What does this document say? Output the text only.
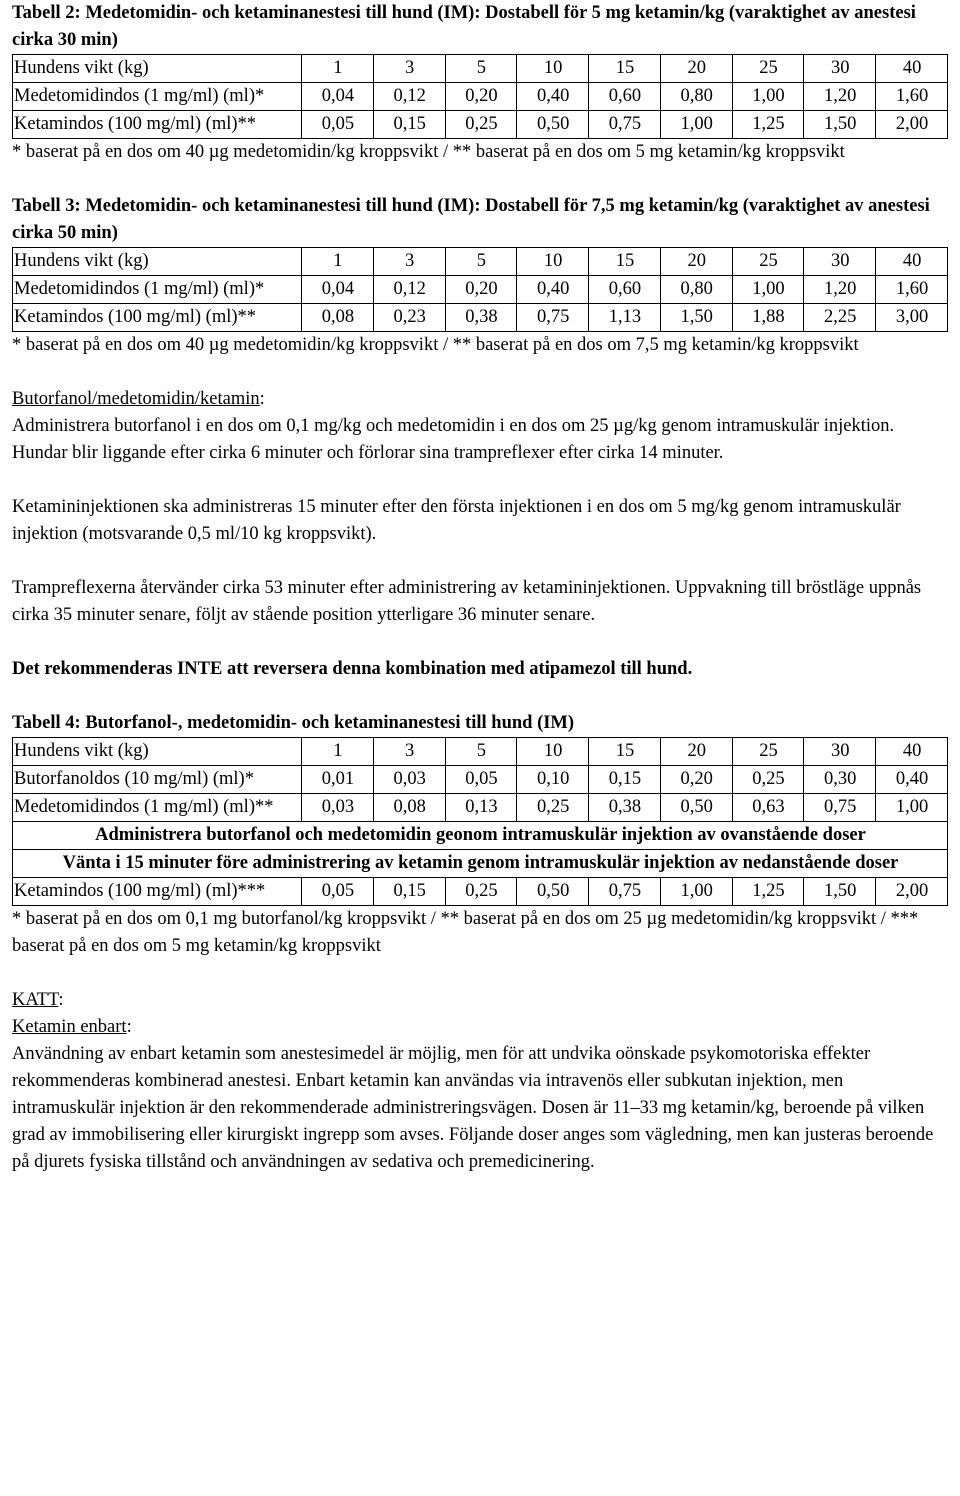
Tabell 2: Medetomidin- och ketaminanestesi till hund (IM): Dostabell för 5 mg ketamin/kg (varaktighet av anestesi cirka 30 min)

Hundens vikt (kg)	1	3	5	10	15	20	25	30	40
Medetomidindos (1 mg/ml) (ml)*	0,04	0,12	0,20	0,40	0,60	0,80	1,00	1,20	1,60
Ketamindos (100 mg/ml) (ml)**	0,05	0,15	0,25	0,50	0,75	1,00	1,25	1,50	2,00

* baserat på en dos om 40 µg medetomidin/kg kroppsvikt / ** baserat på en dos om 5 mg ketamin/kg kroppsvikt

Tabell 3: Medetomidin- och ketaminanestesi till hund (IM): Dostabell för 7,5 mg ketamin/kg (varaktighet av anestesi cirka 50 min)

Hundens vikt (kg)	1	3	5	10	15	20	25	30	40
Medetomidindos (1 mg/ml) (ml)*	0,04	0,12	0,20	0,40	0,60	0,80	1,00	1,20	1,60
Ketamindos (100 mg/ml) (ml)**	0,08	0,23	0,38	0,75	1,13	1,50	1,88	2,25	3,00

* baserat på en dos om 40 µg medetomidin/kg kroppsvikt / ** baserat på en dos om 7,5 mg ketamin/kg kroppsvikt

Butorfanol/medetomidin/ketamin:

Administrera butorfanol i en dos om 0,1 mg/kg och medetomidin i en dos om 25 µg/kg genom intramuskulär injektion.

Hundar blir liggande efter cirka 6 minuter och förlorar sina trampreflexer efter cirka 14 minuter.

Ketamininjektionen ska administreras 15 minuter efter den första injektionen i en dos om 5 mg/kg genom intramuskulär injektion (motsvarande 0,5 ml/10 kg kroppsvikt).

Trampreflexerna återvänder cirka 53 minuter efter administrering av ketamininjektionen. Uppvakning till bröstläge uppnås cirka 35 minuter senare, följt av stående position ytterligare 36 minuter senare.

Det rekommenderas INTE att reversera denna kombination med atipamezol till hund.

Tabell 4: Butorfanol-, medetomidin- och ketaminanestesi till hund (IM)

Hundens vikt (kg)	1	3	5	10	15	20	25	30	40
Butorfanoldos (10 mg/ml) (ml)*	0,01	0,03	0,05	0,10	0,15	0,20	0,25	0,30	0,40
Medetomidindos (1 mg/ml) (ml)**	0,03	0,08	0,13	0,25	0,38	0,50	0,63	0,75	1,00
Administrera butorfanol och medetomidin geonom intramuskulär injektion av ovanstående doser									
Vänta i 15 minuter före administrering av ketamin genom intramuskulär injektion av nedanstående doser									
Ketamindos (100 mg/ml) (ml)***	0,05	0,15	0,25	0,50	0,75	1,00	1,25	1,50	2,00

* baserat på en dos om 0,1 mg butorfanol/kg kroppsvikt / ** baserat på en dos om 25 µg medetomidin/kg kroppsvikt / *** baserat på en dos om 5 mg ketamin/kg kroppsvikt

KATT:

Ketamin enbart:

Användning av enbart ketamin som anestesimedel är möjlig, men för att undvika oönskade psykomotoriska effekter rekommenderas kombinerad anestesi. Enbart ketamin kan användas via intravenös eller subkutan injektion, men intramuskulär injektion är den rekommenderade administreringsvägen. Dosen är 11–33 mg ketamin/kg, beroende på vilken grad av immobilisering eller kirurgiskt ingrepp som avses. Följande doser anges som vägledning, men kan justeras beroende på djurets fysiska tillstånd och användningen av sedativa och premedicinering.
